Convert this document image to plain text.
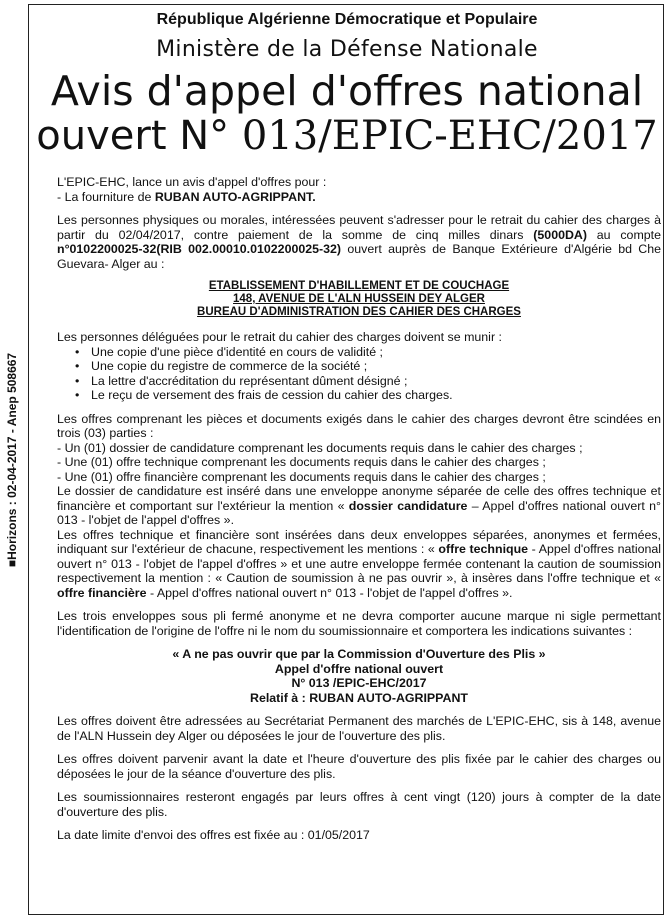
■Horizons : 02-04-2017 - Anep 508667
République Algérienne Démocratique et Populaire
Ministère de la Défense Nationale
Avis d'appel d'offres national
ouvert N° 013/EPIC-EHC/2017
L'EPIC-EHC, lance un avis d'appel d'offres pour :
- La fourniture de RUBAN AUTO-AGRIPPANT.
Les personnes physiques ou morales, intéressées peuvent s'adresser pour le retrait du cahier des charges à partir du 02/04/2017, contre paiement de la somme de cinq milles dinars (5000DA) au compte n°0102200025-32(RIB 002.00010.0102200025-32) ouvert auprès de Banque Extérieure d'Algérie bd Che Guevara- Alger au :
ETABLISSEMENT D'HABILLEMENT ET DE COUCHAGE
148, AVENUE DE L'ALN HUSSEIN DEY ALGER
BUREAU D'ADMINISTRATION DES CAHIER DES CHARGES
Les personnes déléguées pour le retrait du cahier des charges doivent se munir :
• Une copie d'une pièce d'identité en cours de validité ;
• Une copie du registre de commerce de la société ;
• La lettre d'accréditation du représentant dûment désigné ;
• Le reçu de versement des frais de cession du cahier des charges.
Les offres comprenant les pièces et documents exigés dans le cahier des charges devront être scindées en trois (03) parties :
- Un (01) dossier de candidature comprenant les documents requis dans le cahier des charges ;
- Une (01) offre technique comprenant les documents requis dans le cahier des charges ;
- Une (01) offre financière comprenant les documents requis dans le cahier des charges ;
Le dossier de candidature est inséré dans une enveloppe anonyme séparée de celle des offres technique et financière et comportant sur l'extérieur la mention « dossier candidature – Appel d'offres national ouvert n° 013 - l'objet de l'appel d'offres ».
Les offres technique et financière sont insérées dans deux enveloppes séparées, anonymes et fermées, indiquant sur l'extérieur de chacune, respectivement les mentions : « offre technique - Appel d'offres national ouvert n° 013 - l'objet de l'appel d'offres » et une autre enveloppe fermée contenant la caution de soumission respectivement la mention : « Caution de soumission à ne pas ouvrir », à insères dans l'offre technique et « offre financière - Appel d'offres national ouvert n° 013 - l'objet de l'appel d'offres ».
Les trois enveloppes sous pli fermé anonyme et ne devra comporter aucune marque ni sigle permettant l'identification de l'origine de l'offre ni le nom du soumissionnaire et comportera les indications suivantes :
« A ne pas ouvrir que par la Commission d'Ouverture des Plis »
Appel d'offre national ouvert
N° 013 /EPIC-EHC/2017
Relatif à : RUBAN AUTO-AGRIPPANT
Les offres doivent être adressées au Secrétariat Permanent des marchés de L'EPIC-EHC, sis à 148, avenue de l'ALN Hussein dey Alger ou déposées le jour de l'ouverture des plis.
Les offres doivent parvenir avant la date et l'heure d'ouverture des plis fixée par le cahier des charges ou déposées le jour de la séance d'ouverture des plis.
Les soumissionnaires resteront engagés par leurs offres à cent vingt (120) jours à compter de la date d'ouverture des plis.
La date limite d'envoi des offres est fixée au : 01/05/2017
